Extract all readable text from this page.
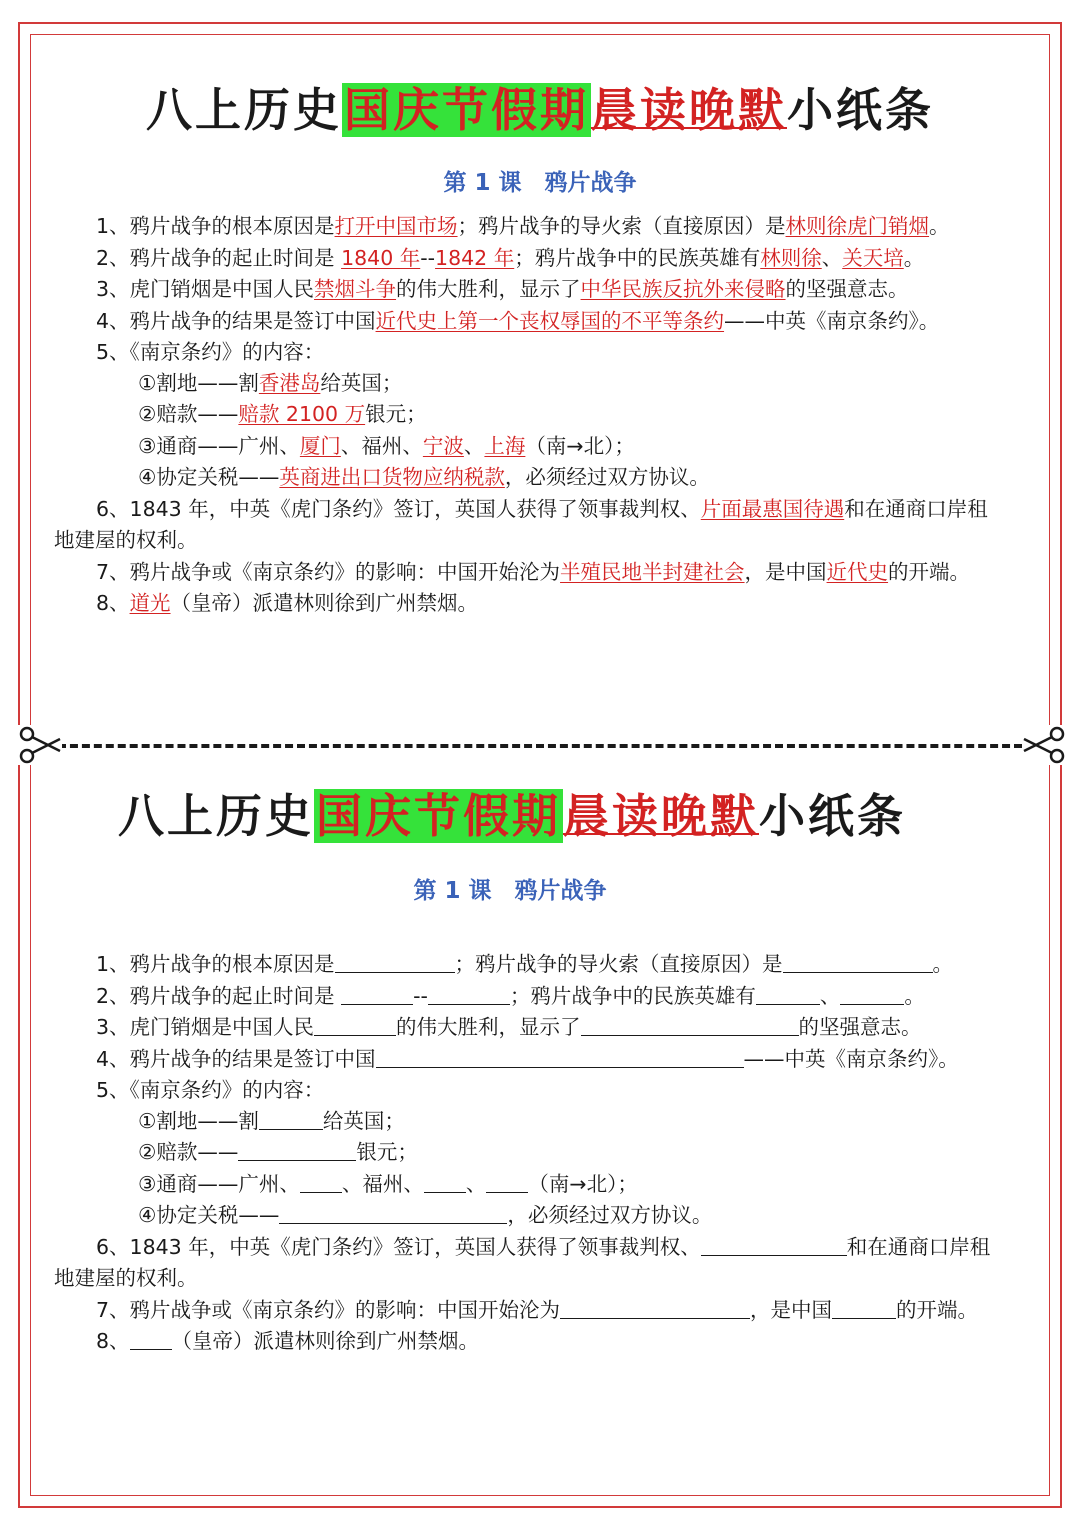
八上历史国庆节假期晨读晚默小纸条
第 1 课　鸦片战争
1、鸦片战争的根本原因是打开中国市场；鸦片战争的导火索（直接原因）是林则徐虎门销烟。
2、鸦片战争的起止时间是 1840 年--1842 年；鸦片战争中的民族英雄有林则徐、关天培。
3、虎门销烟是中国人民禁烟斗争的伟大胜利，显示了中华民族反抗外来侵略的坚强意志。
4、鸦片战争的结果是签订中国近代史上第一个丧权辱国的不平等条约——中英《南京条约》。
5、《南京条约》的内容：
①割地——割香港岛给英国；
②赔款——赔款 2100 万银元；
③通商——广州、厦门、福州、宁波、上海（南→北）；
④协定关税——英商进出口货物应纳税款，必须经过双方协议。
6、1843 年，中英《虎门条约》签订，英国人获得了领事裁判权、片面最惠国待遇和在通商口岸租
地建屋的权利。
7、鸦片战争或《南京条约》的影响：中国开始沦为半殖民地半封建社会，是中国近代史的开端。
8、道光（皇帝）派遣林则徐到广州禁烟。
八上历史国庆节假期晨读晚默小纸条
第 1 课　鸦片战争
1、鸦片战争的根本原因是	；鸦片战争的导火索（直接原因）是	。
2、鸦片战争的起止时间是	--	；鸦片战争中的民族英雄有	、	。
3、虎门销烟是中国人民	的伟大胜利，显示了	的坚强意志。
4、鸦片战争的结果是签订中国	——中英《南京条约》。
5、《南京条约》的内容：
①割地——割	给英国；
②赔款——	银元；
③通商——广州、 、福州、 、 （南→北）；
④协定关税——	，必须经过双方协议。
6、1843 年，中英《虎门条约》签订，英国人获得了领事裁判权、	和在通商口岸租
地建屋的权利。
7、鸦片战争或《南京条约》的影响：中国开始沦为	，是中国	的开端。
8、 （皇帝）派遣林则徐到广州禁烟。
